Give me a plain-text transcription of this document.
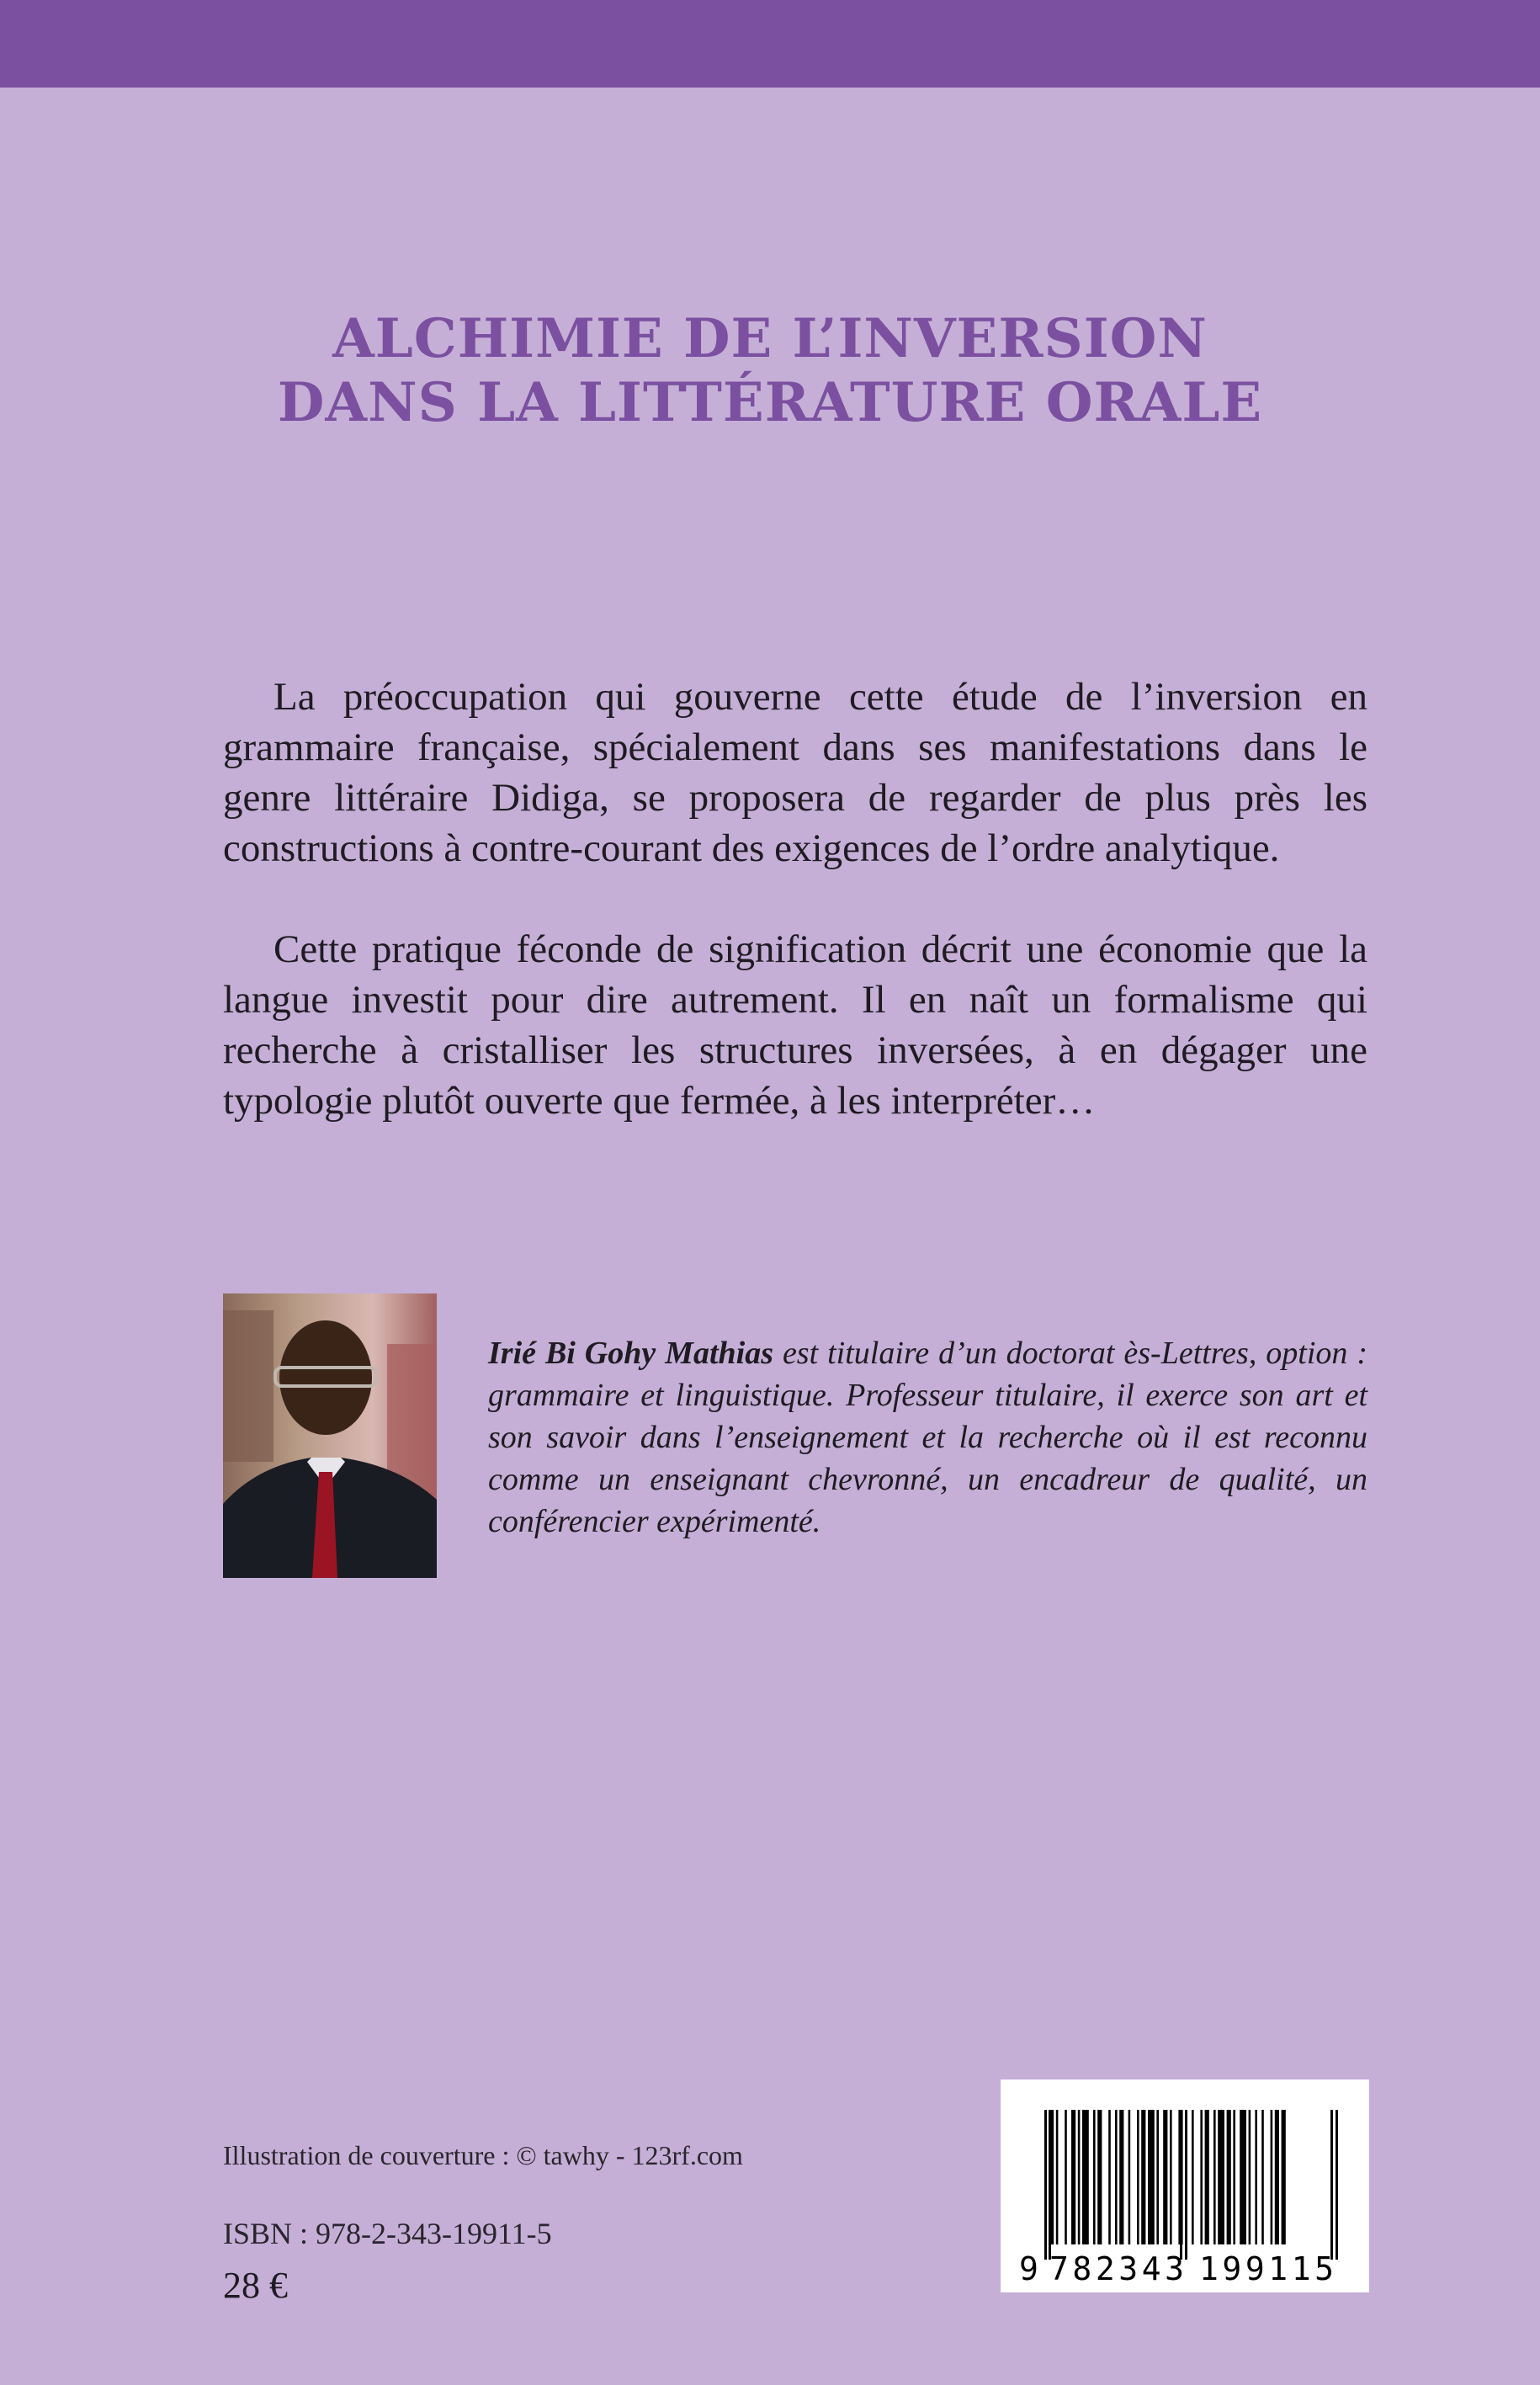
ALCHIMIE DE L’INVERSION
DANS LA LITTÉRATURE ORALE

La préoccupation qui gouverne cette étude de l’inversion en grammaire française, spécialement dans ses manifestations dans le genre littéraire Didiga, se proposera de regarder de plus près les constructions à contre-courant des exigences de l’ordre analytique.

Cette pratique féconde de signification décrit une économie que la langue investit pour dire autrement. Il en naît un formalisme qui recherche à cristalliser les structures inversées, à en dégager une typologie plutôt ouverte que fermée, à les interpréter…

Irié Bi Gohy Mathias est titulaire d’un doctorat ès-Lettres, option : grammaire et linguistique. Professeur titulaire, il exerce son art et son savoir dans l’enseignement et la recherche où il est reconnu comme un enseignant chevronné, un encadreur de qualité, un conférencier expérimenté.

Illustration de couverture : © tawhy - 123rf.com
ISBN : 978-2-343-19911-5
28 €	9 782343 199115
